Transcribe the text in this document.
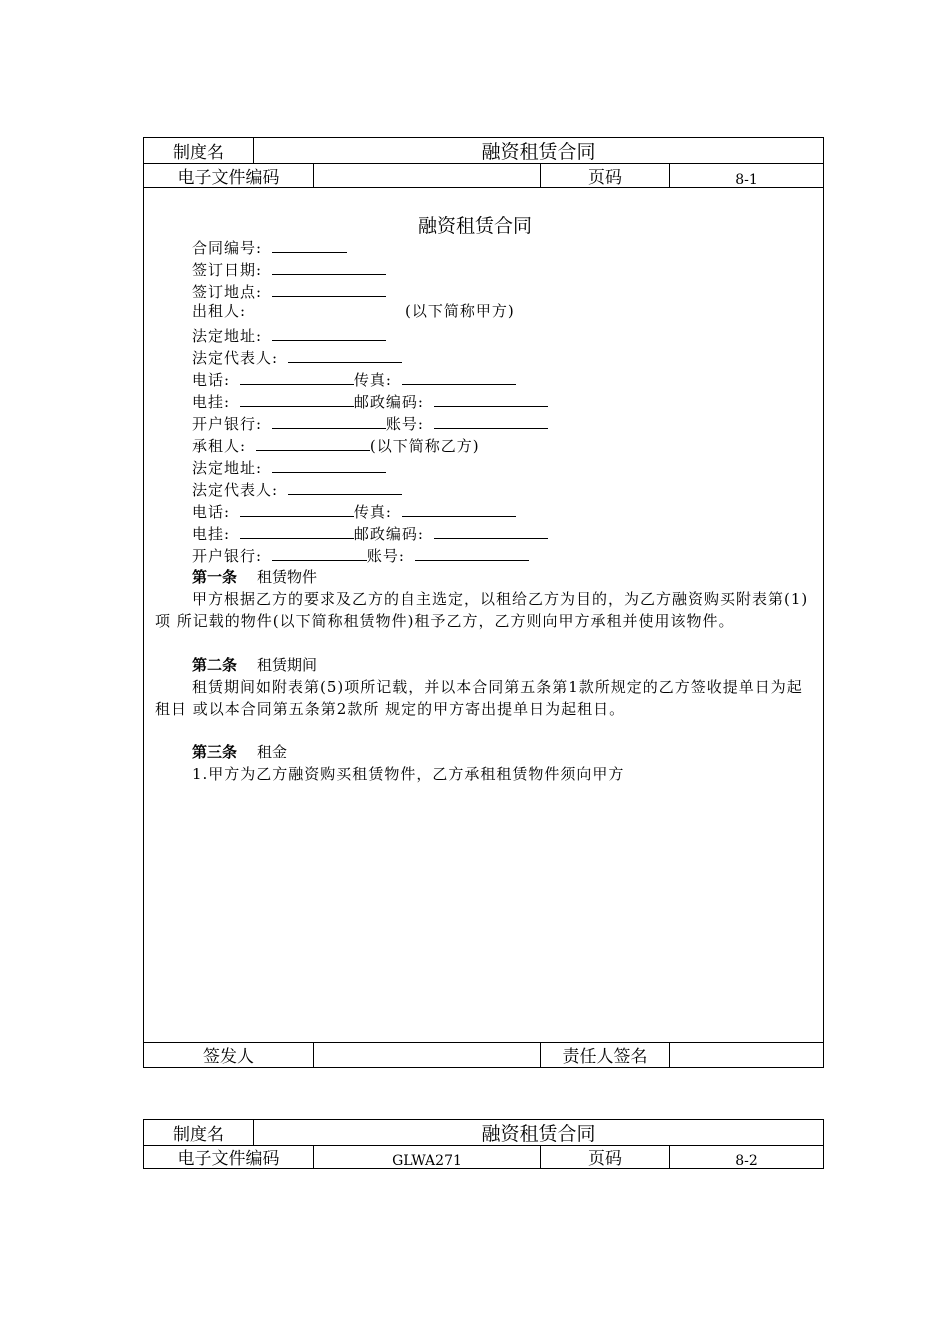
制度名	融资租赁合同
电子文件编码	页码	8-1
融资租赁合同
合同编号:
签订日期:
签订地点:
出租人:	(以下简称甲方)
法定地址:
法定代表人:
电话:	传真:
电挂:	邮政编码:
开户银行:	账号:
承租人:	(以下简称乙方)
法定地址:
法定代表人:
电话:	传真:
电挂:	邮政编码:
开户银行:	账号:
第一条 租赁物件
甲方根据乙方的要求及乙方的自主选定，以租给乙方为目的，为乙方融资购买附表第(1)项 所记载的物件(以下简称租赁物件)租予乙方，乙方则向甲方承租并使用该物件。
第二条 租赁期间
租赁期间如附表第(5)项所记载，并以本合同第五条第1款所规定的乙方签收提单日为起租日 或以本合同第五条第2款所 规定的甲方寄出提单日为起租日。
第三条 租金
1.甲方为乙方融资购买租赁物件，乙方承租租赁物件须向甲方
签发人	责任人签名
制度名	融资租赁合同
电子文件编码	GLWA271	页码	8-2
